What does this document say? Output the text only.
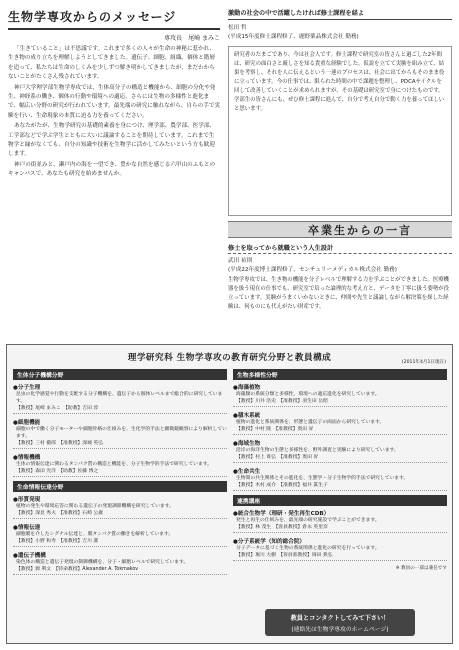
生物学専攻からのメッセージ
専攻長　尾崎 まみこ

「生きていること」は不思議です。これまで多くの人々が生命の神秘に惹かれ、生き物の成り立ちを理解しようとしてきました。遺伝子、細胞、組織、個体と階層を追って、私たちは生命のしくみを少しずつ解き明かしてきましたが、まだわからないことがたくさん残されています。

神戸大学理学部生物学専攻では、生体高分子の構造と機能から、細胞の分化や発生、神経系の働き、個体の行動や環境への適応、さらには生物の多様性と進化まで、幅広い分野の研究が行われています。最先端の研究に触れながら、自らの手で実験を行い、生命現象の本質に迫る力を養ってください。

あなたがたが、生物学研究の基礎的素養を身につけ、理学部、農学部、医学部、工学部などで学ぶ学生とともに大いに議論することを期待しています。これまで生物学と縁がなくても、自分の知識や技術を生物学に活かしてみたいという方も歓迎します。

神戸の街並みと、瀬戸内の海を一望でき、豊かな自然を感じる六甲山のふもとのキャンパスで、あなたも研究を始めませんか。

激動の社会の中で活躍したければ修士課程を経よ
松田 哲
(平成15年度修士課程修了、鹿野薬品株式会社 勤務)
研究者のたまごであり、今は社会人です。修士課程で研究室の皆さんと過ごした2年間は、研究の面白さと厳しさを知る貴重な経験でした。仮説を立てて実験を組み立て、結果を考察し、それを人に伝えるという一連のプロセスは、社会に出てからもそのまま役に立っています。今の仕事では、限られた時間の中で課題を整理し、PDCAサイクルを回して改善していくことが求められますが、その基礎は研究室で身につけたものです。学部生の皆さんにも、ぜひ修士課程に進んで、自分で考え自分で動く力を養ってほしいと思います。
卒業生からの一言
修士を取ってから就職という人生設計
武田 祐則
(平成22年度博士課程修了、センチュリーメディカル株式会社 勤務)
生物学専攻では、生き物の機能を分子レベルで理解する力を学ぶことができました。医療機器を扱う現在の仕事でも、研究室で培った論理的な考え方と、データを丁寧に扱う姿勢が役立っています。実験がうまくいかないときに、仲間や先生と議論しながら解決策を探した経験は、何ものにも代えがたい財産です。
理学研究科 生物学専攻の教育研究分野と教員構成	(2011年4月1日現在)
生体分子機構分野
●分子生理
昆虫の化学感覚や行動を支配する分子機構を、遺伝子から個体レベルまで総合的に研究しています。
【教授】尾崎 まみこ　【助教】吉田 淳
●細胞機能
細胞の中で働く分子モーターや細胞骨格の仕組みを、生化学的手法と顕微鏡観察により解析しています。
【教授】三村 徹郎　【准教授】深城 英弘
●情報機構
生体の情報伝達に関わるタンパク質の構造と機能を、分子生物学的手法で研究しています。
【教授】森田 光洋　【助教】佐藤 博之
生命情報伝達分野
●形質発現
植物の発生や環境応答に関わる遺伝子の発現調節機構を研究しています。
【教授】深見 秀夫　【准教授】石崎 公庸
●情報伝達
細胞膜を介したシグナル伝達と、膜タンパク質の働きを解析しています。
【教授】小野 和寿　【准教授】吉川 潔
●遺伝子機構
染色体の構造と遺伝子発現の制御機構を、分子・細胞レベルで研究しています。
【教授】源 利文　【特命教授】Alexander A. Tokmakov
生物多様性分野
●海藻植物
海藻類の系統分類と多様性、環境への適応進化を研究しています。
【教授】川井 浩史　【准教授】羽生田 岳昭
●積木系統
植物の進化と系統関係を、形態と遺伝子の両面から研究しています。
【教授】中村 隆　【准教授】奥田 昇
●海域生物
沿岸の海洋生物の生態と多様性を、野外調査と実験により研究しています。
【教授】村上 貴弘　【准教授】奥田 昇
●生命共生
生物間の共生関係とその進化を、生態学・分子生物学的手法で研究しています。
【教授】木村 成介　【准教授】福井 眞生子
連携講座
●統合生物学（理研・発生再生CDB）
発生と再生の仕組みを、最先端の研究施設で学ぶことができます。
【教授】林 茂生　【客員教授】倉永 英里奈
●分子系統学（知的総合院）
分子データに基づく生物の系統関係と進化の研究を行っています。
【教授】堀川 大樹　【客員准教授】岡田 典弘
※ 教員の一部は兼任です
教員とコンタクトしてみて下さい！
(連絡先は生物学専攻のホームページ)
